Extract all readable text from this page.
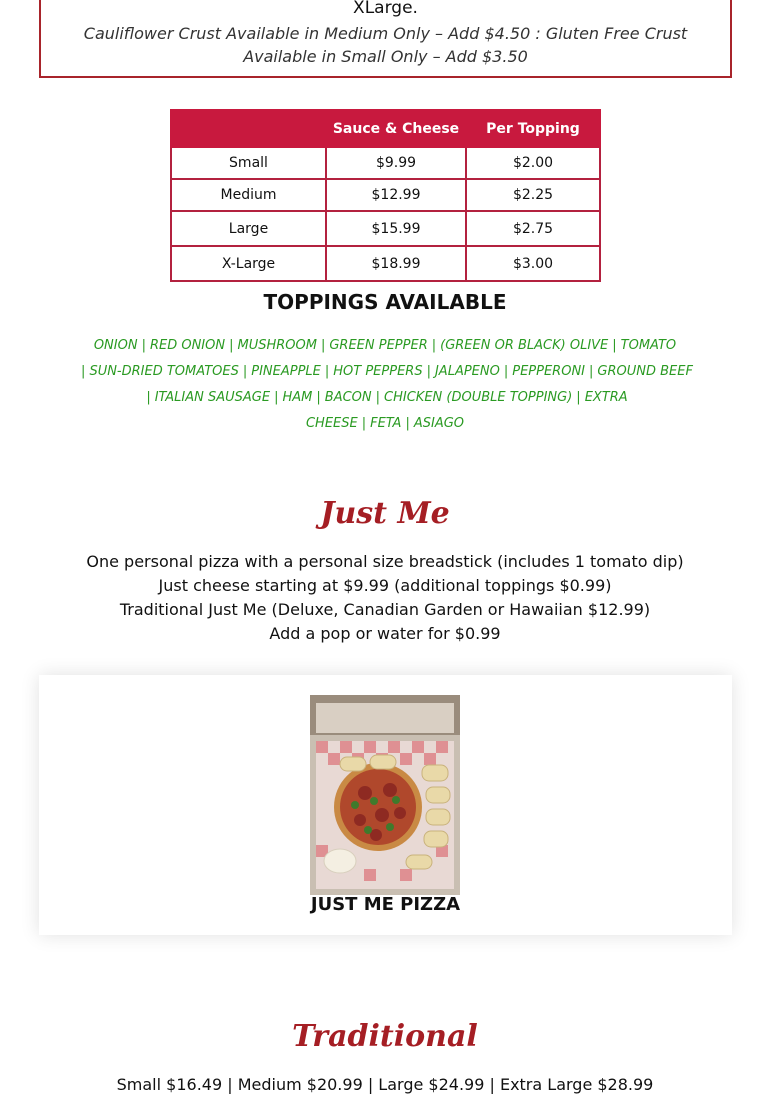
XLarge.
Cauliflower Crust Available in Medium Only – Add $4.50 : Gluten Free Crust Available in Small Only – Add $3.50
	Sauce & Cheese	Per Topping
Small	$9.99	$2.00
Medium	$12.99	$2.25
Large	$15.99	$2.75
X-Large	$18.99	$3.00
TOPPINGS AVAILABLE
ONION | RED ONION | MUSHROOM | GREEN PEPPER | (GREEN OR BLACK) OLIVE | TOMATO
| SUN-DRIED TOMATOES | PINEAPPLE | HOT PEPPERS | JALAPENO | PEPPERONI | GROUND BEEF
| ITALIAN SAUSAGE | HAM | BACON | CHICKEN (DOUBLE TOPPING) | EXTRA CHEESE | FETA | ASIAGO
Just Me
One personal pizza with a personal size breadstick (includes 1 tomato dip)
Just cheese starting at $9.99 (additional toppings $0.99)
Traditional Just Me (Deluxe, Canadian Garden or Hawaiian $12.99)
Add a pop or water for $0.99
JUST ME PIZZA
Traditional
Small $16.49 | Medium $20.99 | Large $24.99 | Extra Large $28.99
